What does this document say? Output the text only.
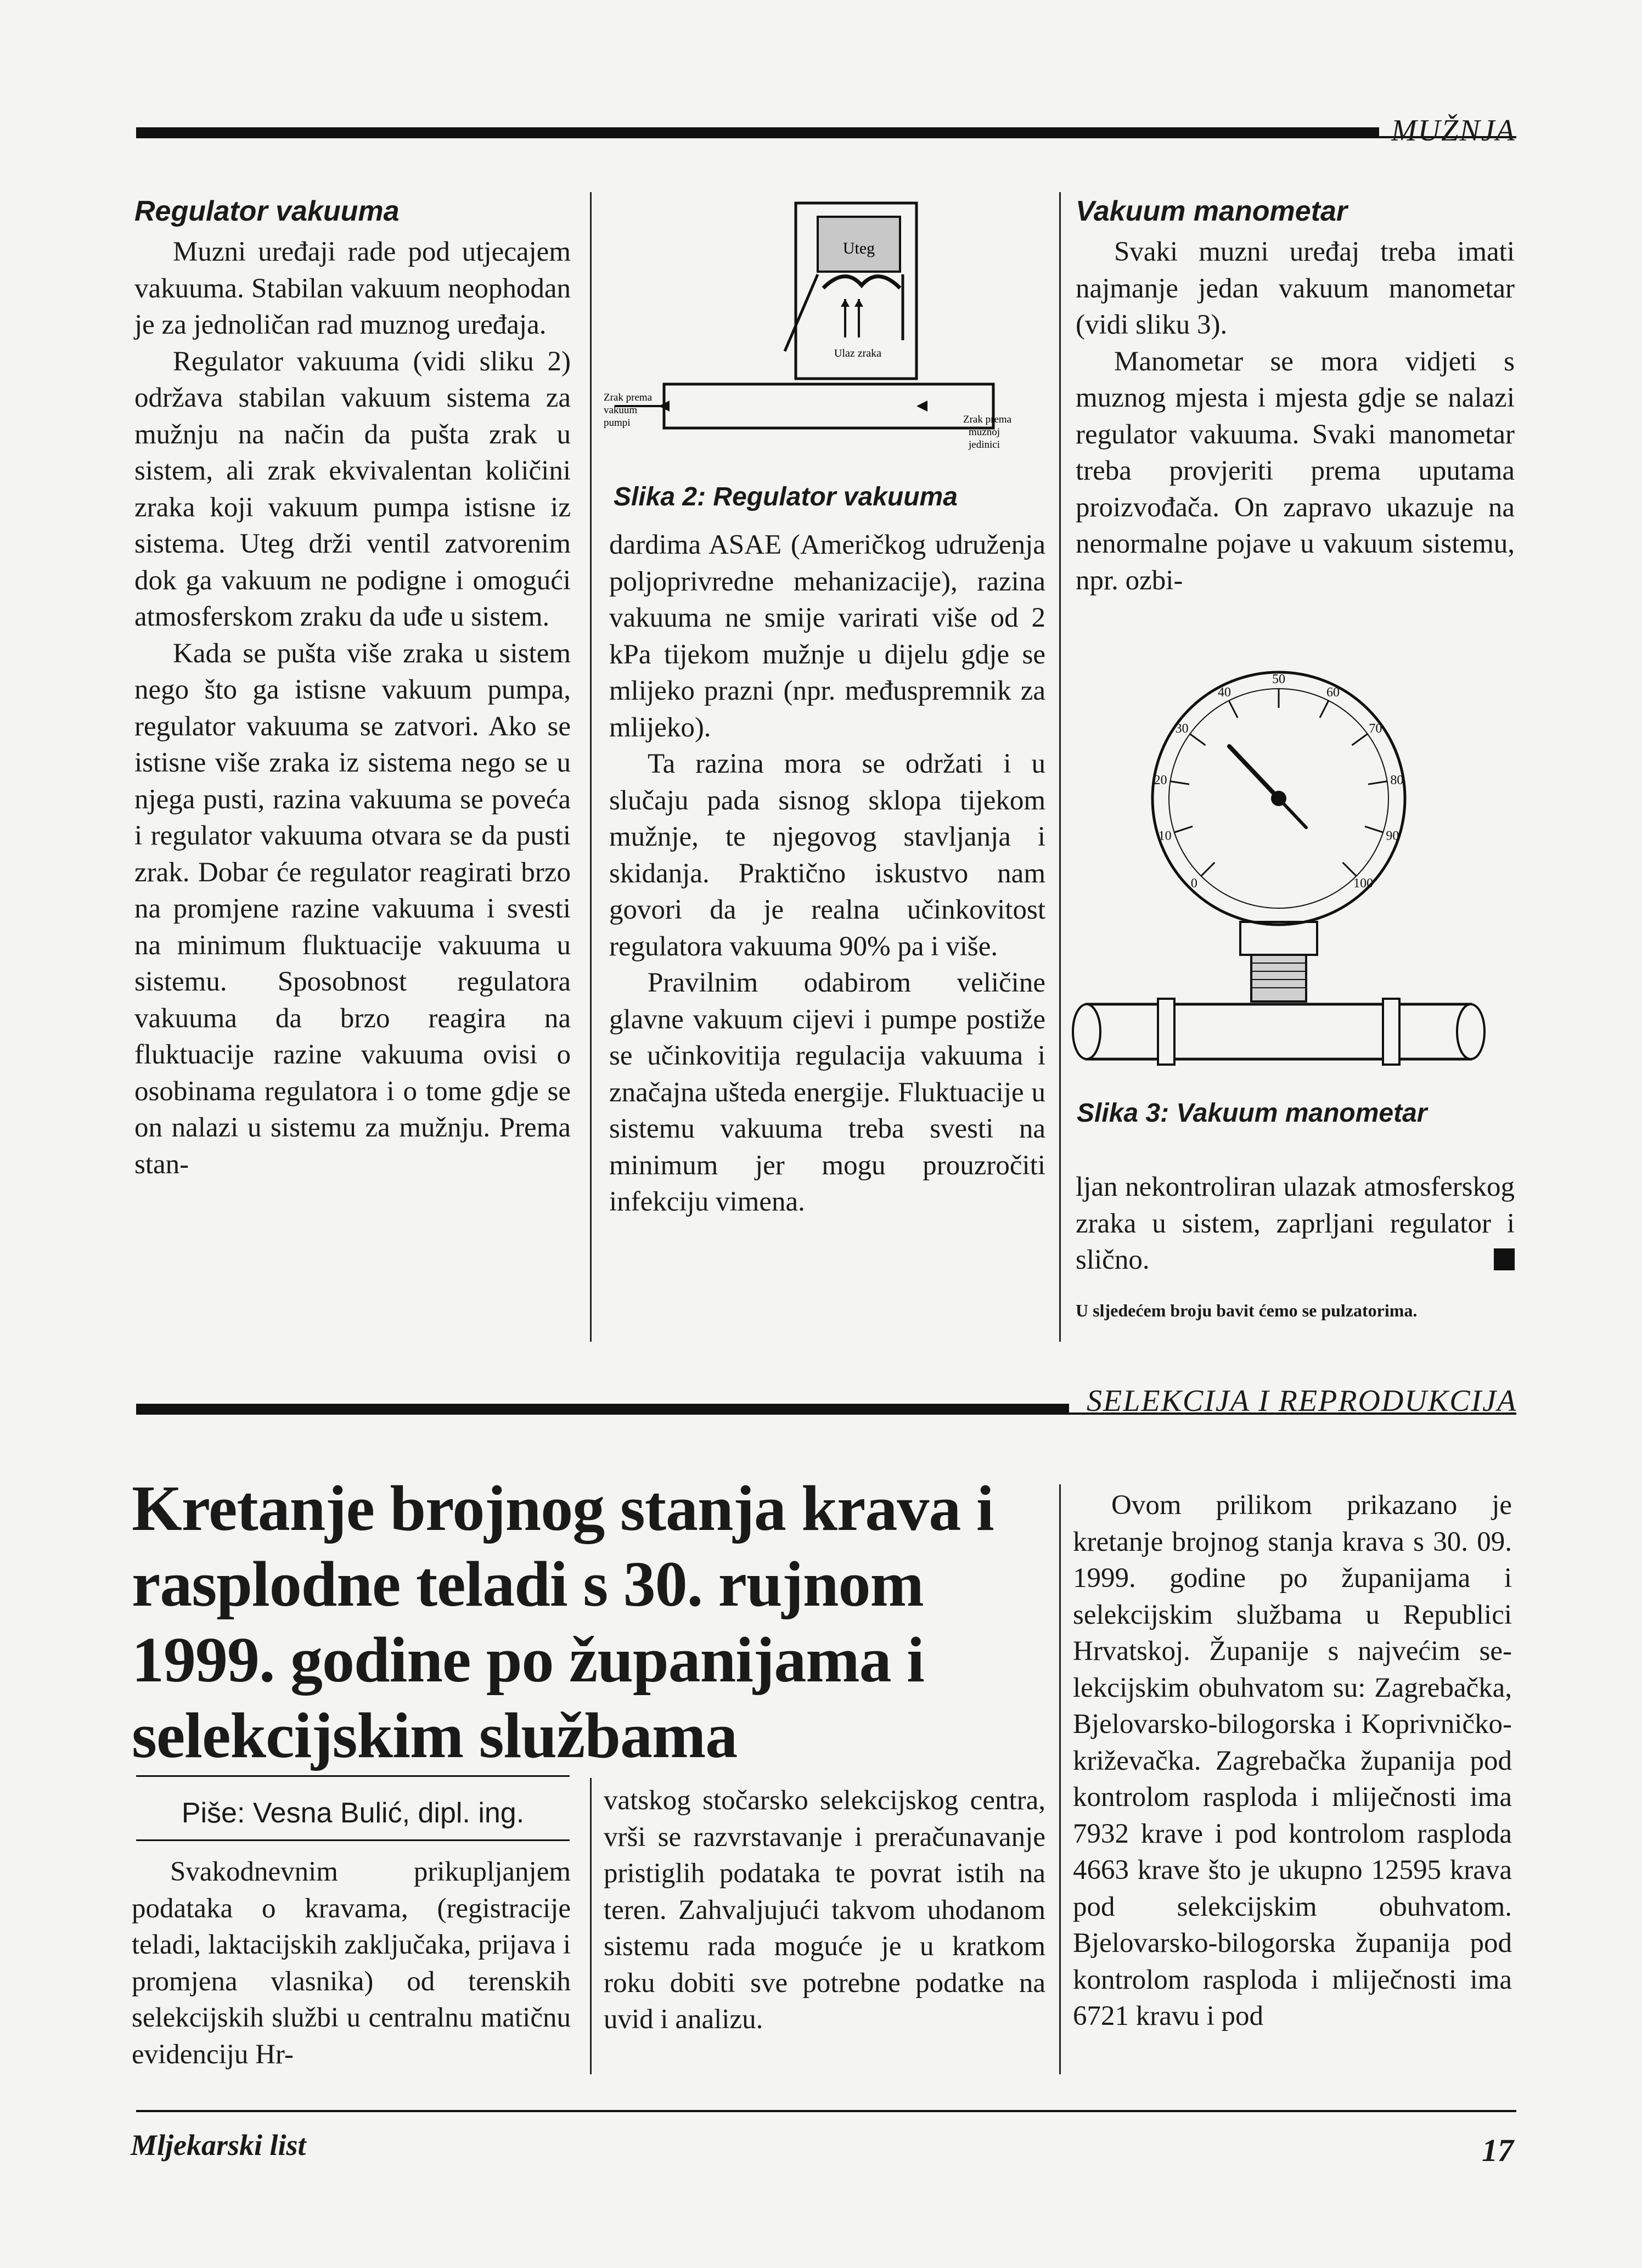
MUŽNJA
Regulator vakuuma

Muzni uređaji rade pod utjecajem vakuuma. Stabilan vakuum neophodan je za jednoličan rad muznog uređaja.

Regulator vakuuma (vidi sliku 2) održava stabilan vakuum sistema za mužnju na način da pušta zrak u sistem, ali zrak ekvivalentan količini zraka koji vakuum pumpa istisne iz sistema. Uteg drži ventil zatvorenim dok ga vakuum ne podigne i omogući atmosferskom zraku da uđe u sistem.

Kada se pušta više zraka u sistem nego što ga istisne vakuum pumpa, regulator vakuuma se zatvori. Ako se istisne više zraka iz sistema nego se u njega pusti, razina vakuuma se poveća i regulator vakuuma otvara se da pusti zrak. Dobar će regulator reagirati brzo na promjene razine vakuuma i svesti na minimum fluktuacije vakuuma u sistemu. Sposobnost regulatora vakuuma da brzo reagira na fluktuacije razine vakuuma ovisi o osobinama regulatora i o tome gdje se on nalazi u sistemu za mužnju. Prema stan-

Uteg
Ulaz zraka
Zrak prema
vakuum
pumpi	Zrak prema
muznoj
jedinici
Slika 2: Regulator vakuuma

dardima ASAE (Američkog udruženja poljoprivredne mehanizacije), razina vakuuma ne smije varirati više od 2 kPa tijekom mužnje u dijelu gdje se mlijeko prazni (npr. međuspremnik za mlijeko).

Ta razina mora se održati i u slučaju pada sisnog sklopa tijekom mužnje, te njegovog stavljanja i skidanja. Praktično iskustvo nam govori da je realna učinkovitost regulatora vakuuma 90% pa i više.

Pravilnim odabirom veličine glavne vakuum cijevi i pumpe postiže se učinkovitija regulacija vakuuma i značajna ušteda energije. Fluktuacije u sistemu vakuuma treba svesti na minimum jer mogu prouzročiti infekciju vimena.

Vakuum manometar

Svaki muzni uređaj treba imati najmanje jedan vakuum manometar (vidi sliku 3).

Manometar se mora vidjeti s muznog mjesta i mjesta gdje se nalazi regulator vakuuma. Svaki manometar treba provjeriti prema uputama proizvođača. On zapravo ukazuje na nenormalne pojave u vakuum sistemu, npr. ozbi-

0
10
20
30
40
50
60
70
80
90
100
Slika 3: Vakuum manometar

ljan nekontroliran ulazak atmosferskog zraka u sistem, zaprljani regulator i slično.

U sljedećem broju bavit ćemo se pulzatorima.
SELEKCIJA I REPRODUKCIJA
Kretanje brojnog stanja krava i rasplodne teladi s 30. rujnom 1999. godine po županijama i selekcijskim službama
Piše: Vesna Bulić, dipl. ing.

Svakodnevnim prikupljanjem podataka o kravama, (registracije teladi, laktacijskih zaključaka, prijava i promjena vlasnika) od terenskih selekcijskih službi u centralnu matičnu evidenciju Hr-

vatskog stočarsko selekcijskog centra, vrši se razvrstavanje i preračunavanje pristiglih podataka te povrat istih na teren. Zahvaljujući takvom uhodanom sistemu rada moguće je u kratkom roku dobiti sve potrebne podatke na uvid i analizu.

Ovom prilikom prikazano je kretanje brojnog stanja krava s 30. 09. 1999. godine po županijama i selekcijskim službama u Republici Hrvatskoj. Županije s najvećim selekcijskim obuhvatom su: Zagrebačka, Bjelovarsko-bilogorska i Koprivničko-križevačka. Zagrebačka županija pod kontrolom rasploda i mliječnosti ima 7932 krave i pod kontrolom rasploda 4663 krave što je ukupno 12595 krava pod selekcijskim obuhvatom. Bjelovarsko-bilogorska županija pod kontrolom rasploda i mliječnosti ima 6721 kravu i pod

Mljekarski list	17
